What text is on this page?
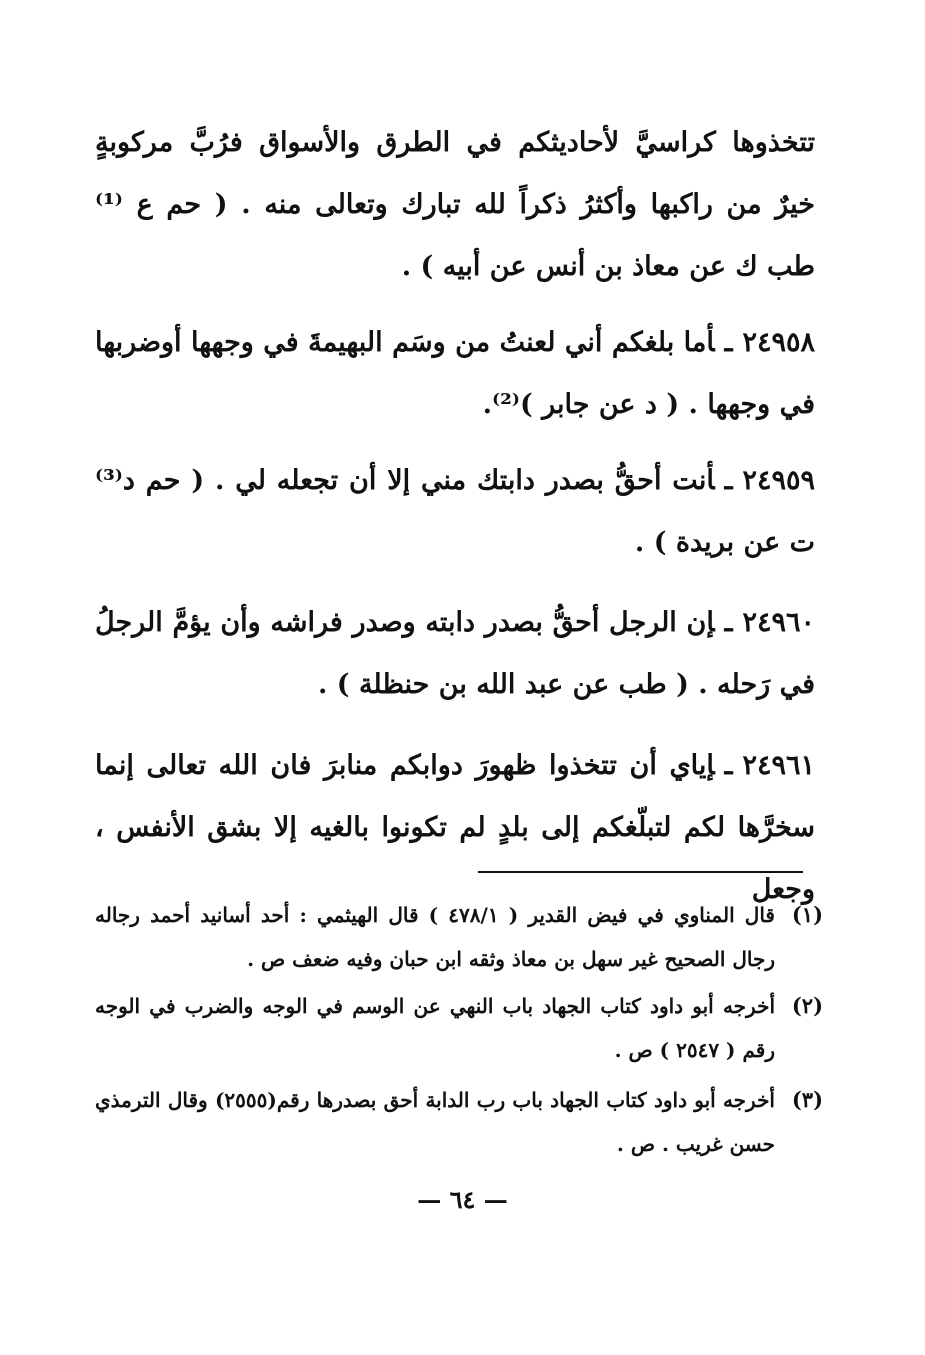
تتخذوها كراسيَّ لأحاديثكم في الطرق والأسواق فرُبَّ مركوبةٍ خيرٌ من راكبها وأكثرُ ذكراً لله تبارك وتعالى منه . ( حم ع ⁽¹⁾ طب ك عن معاذ بن أنس عن أبيه ) .
٢٤٩٥٨ـأما بلغكم أني لعنتُ من وسَم البهيمةَ في وجهها أوضربها في وجهها . ( د عن جابر )⁽²⁾.
٢٤٩٥٩ـأنت أحقُّ بصدر دابتك مني إلا أن تجعله لي . ( حم د⁽³⁾ ت عن بريدة ) .
٢٤٩٦٠ـإن الرجل أحقُّ بصدر دابته وصدر فراشه وأن يؤمَّ الرجلُ في رَحله . ( طب عن عبد الله بن حنظلة ) .
٢٤٩٦١ـإياي أن تتخذوا ظهورَ دوابكم منابرَ فان الله تعالى إنما سخرَّها لكم لتبلّغكم إلى بلدٍ لم تكونوا بالغيه إلا بشق الأنفس ، وجعل
(١)
قال المناوي في فيض القدير ( ٤٧٨/١ ) قال الهيثمي : أحد أسانيد أحمد رجاله رجال الصحيح غير سهل بن معاذ وثقه ابن حبان وفيه ضعف ص .
(٢)
أخرجه أبو داود كتاب الجهاد باب النهي عن الوسم في الوجه والضرب في الوجه رقم ( ٢٥٤٧ ) ص .
(٣)
أخرجه أبو داود كتاب الجهاد باب رب الدابة أحق بصدرها رقم(٢٥٥٥) وقال الترمذي حسن غريب . ص .
— ٦٤ —
